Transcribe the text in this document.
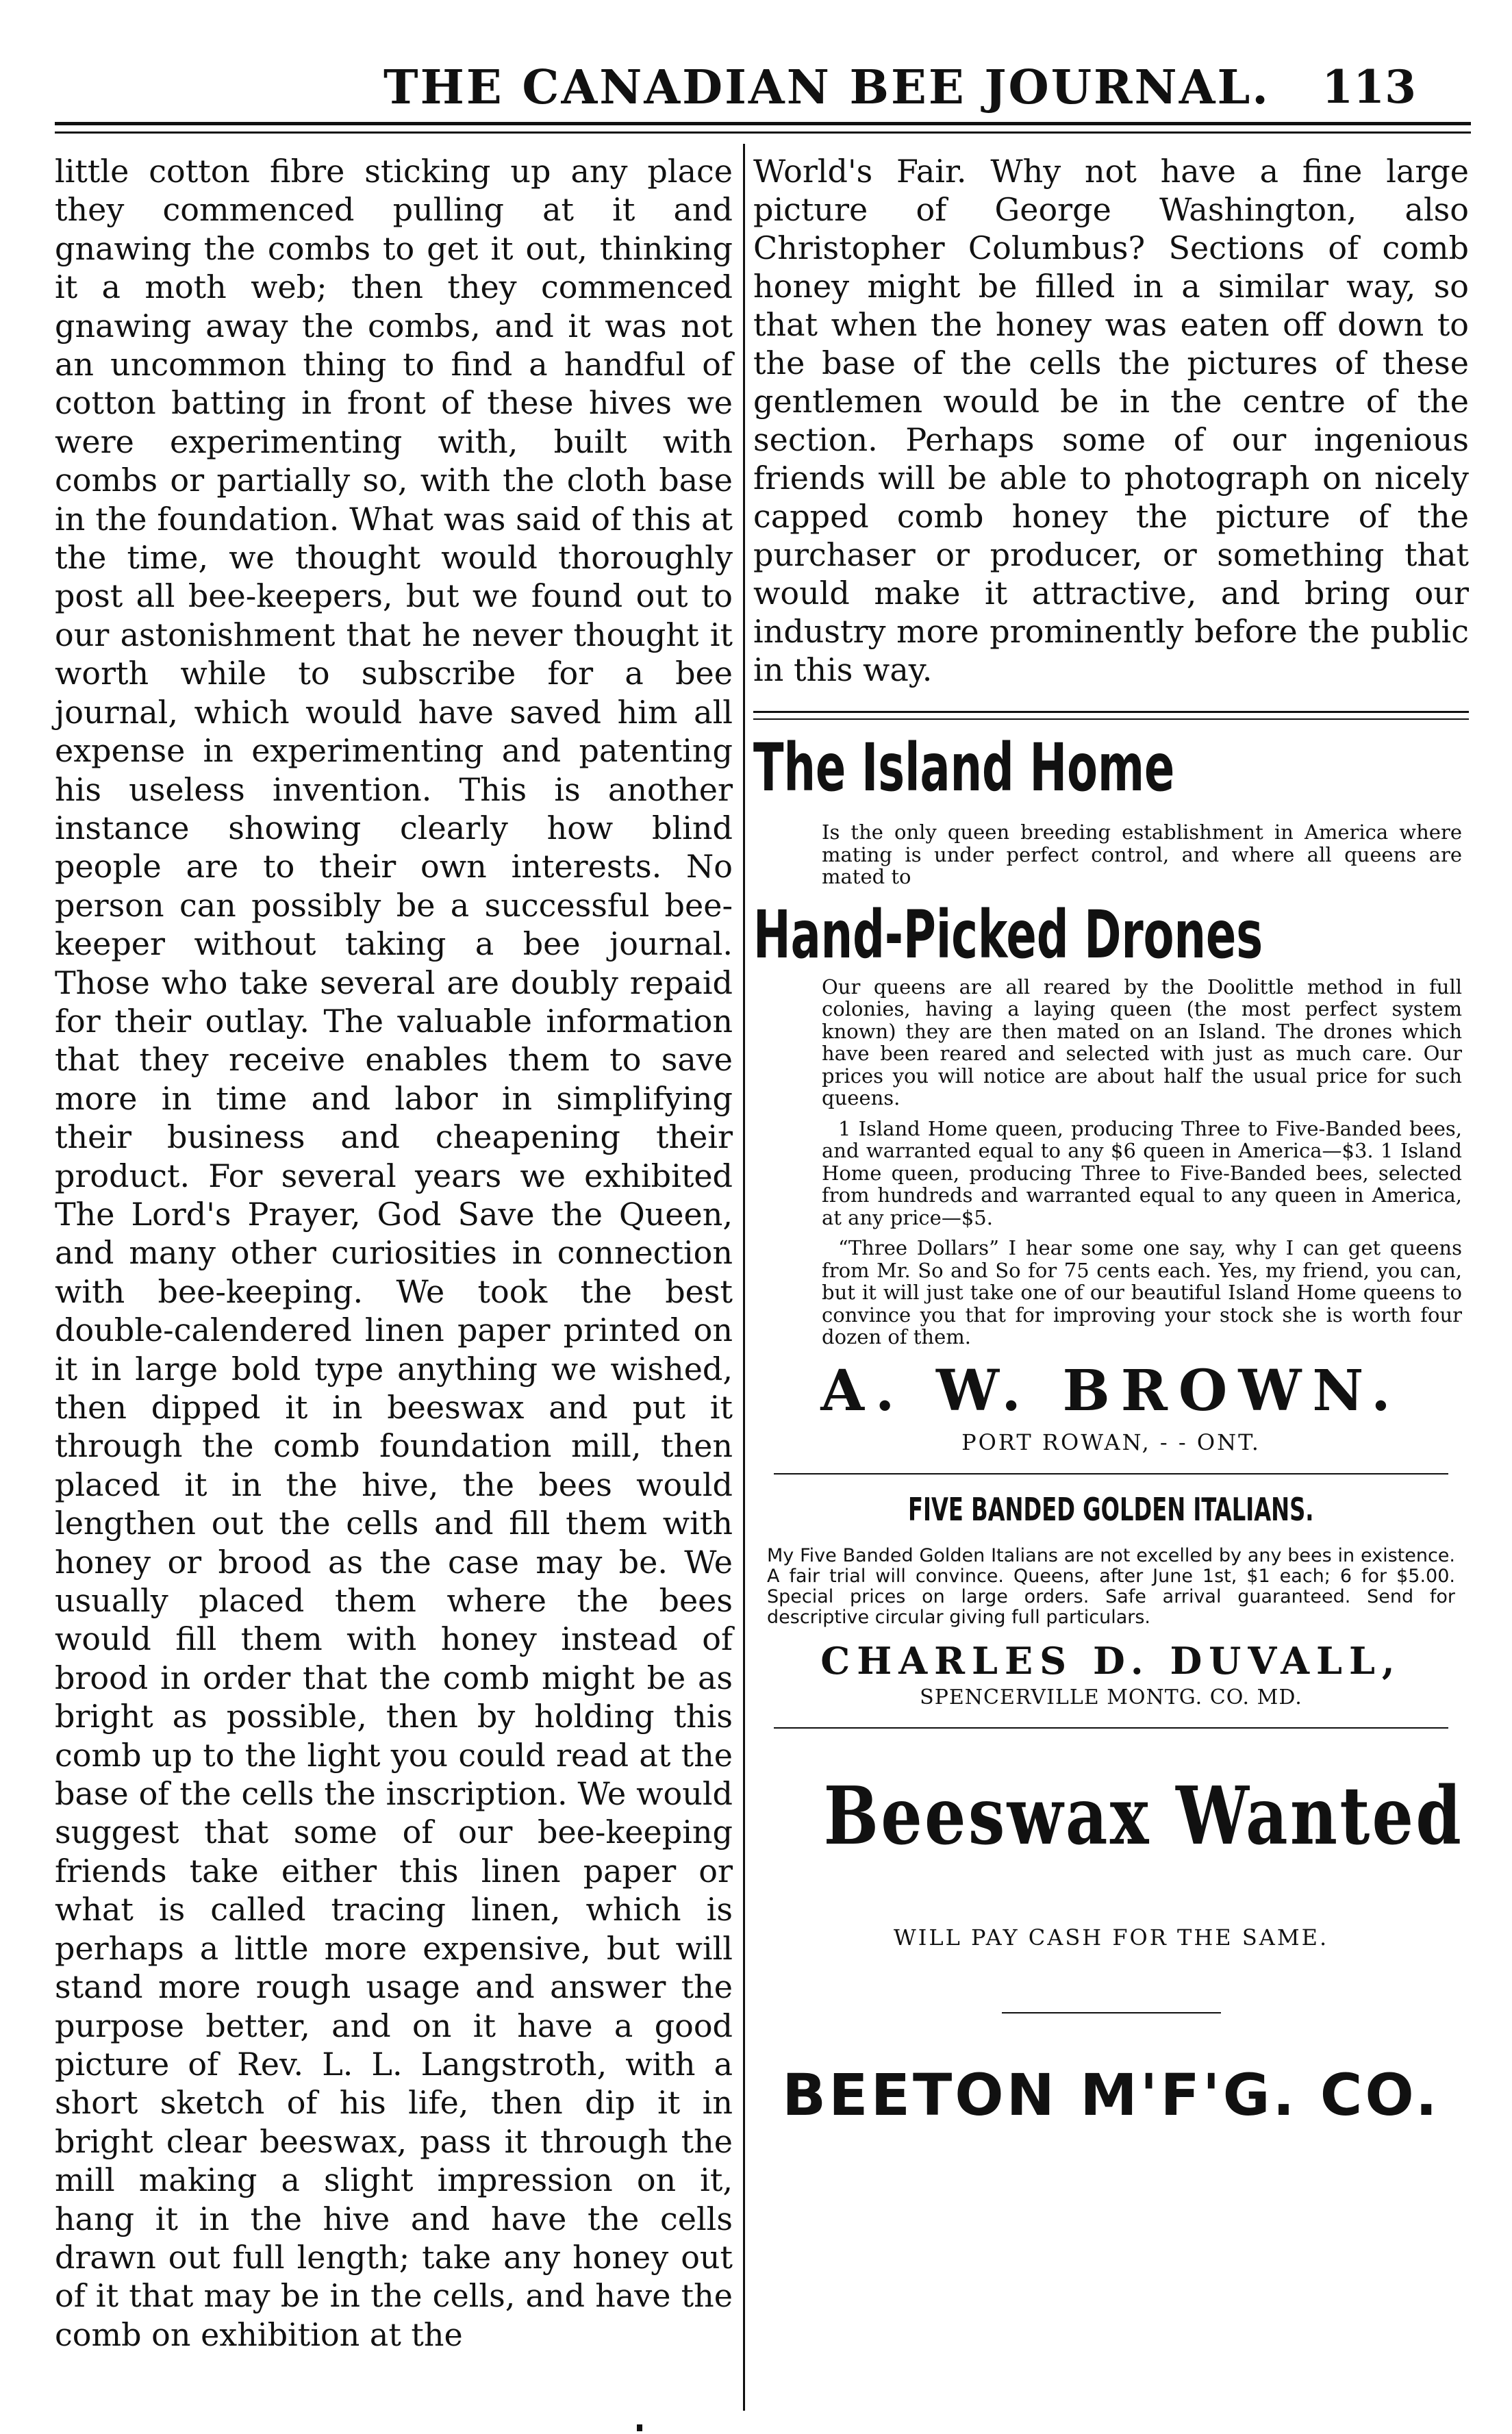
THE CANADIAN BEE JOURNAL. 113

little cotton fibre sticking up any place they commenced pulling at it and gnawing the combs to get it out, thinking it a moth web; then they commenced gnawing away the combs, and it was not an uncommon thing to find a handful of cotton batting in front of these hives we were experimenting with, built with combs or partially so, with the cloth base in the foundation. What was said of this at the time, we thought would thoroughly post all bee-keepers, but we found out to our astonishment that he never thought it worth while to subscribe for a bee journal, which would have saved him all expense in experimenting and patenting his useless invention. This is another instance showing clearly how blind people are to their own interests. No person can possibly be a successful bee-keeper without taking a bee journal. Those who take several are doubly repaid for their outlay. The valuable information that they receive enables them to save more in time and labor in simplifying their business and cheapening their product. For several years we exhibited The Lord's Prayer, God Save the Queen, and many other curiosities in connection with bee-keeping. We took the best double-calendered linen paper printed on it in large bold type anything we wished, then dipped it in beeswax and put it through the comb foundation mill, then placed it in the hive, the bees would lengthen out the cells and fill them with honey or brood as the case may be. We usually placed them where the bees would fill them with honey instead of brood in order that the comb might be as bright as possible, then by holding this comb up to the light you could read at the base of the cells the inscription. We would suggest that some of our bee-keeping friends take either this linen paper or what is called tracing linen, which is perhaps a little more expensive, but will stand more rough usage and answer the purpose better, and on it have a good picture of Rev. L. L. Langstroth, with a short sketch of his life, then dip it in bright clear beeswax, pass it through the mill making a slight impression on it, hang it in the hive and have the cells drawn out full length; take any honey out of it that may be in the cells, and have the comb on exhibition at the

World's Fair. Why not have a fine large picture of George Washington, also Christopher Columbus? Sections of comb honey might be filled in a similar way, so that when the honey was eaten off down to the base of the cells the pictures of these gentlemen would be in the centre of the section. Perhaps some of our ingenious friends will be able to photograph on nicely capped comb honey the picture of the purchaser or producer, or something that would make it attractive, and bring our industry more prominently before the public in this way.

The Island Home

Is the only queen breeding establishment in America where mating is under perfect control, and where all queens are mated to

Hand-Picked Drones

Our queens are all reared by the Doolittle method in full colonies, having a laying queen (the most perfect system known) they are then mated on an Island. The drones which have been reared and selected with just as much care. Our prices you will notice are about half the usual price for such queens.

1 Island Home queen, producing Three to Five-Banded bees, and warranted equal to any $6 queen in America—$3. 1 Island Home queen, producing Three to Five-Banded bees, selected from hundreds and warranted equal to any queen in America, at any price—$5.

“Three Dollars” I hear some one say, why I can get queens from Mr. So and So for 75 cents each. Yes, my friend, you can, but it will just take one of our beautiful Island Home queens to convince you that for improving your stock she is worth four dozen of them.

A. W. BROWN.
PORT ROWAN, - - ONT.
FIVE BANDED GOLDEN ITALIANS.

My Five Banded Golden Italians are not excelled by any bees in existence. A fair trial will convince. Queens, after June 1st, $1 each; 6 for $5.00. Special prices on large orders. Safe arrival guaranteed. Send for descriptive circular giving full particulars.

CHARLES D. DUVALL,
SPENCERVILLE MONTG. CO. MD.
Beeswax Wanted
WILL PAY CASH FOR THE SAME.
BEETON M'F'G. CO.
